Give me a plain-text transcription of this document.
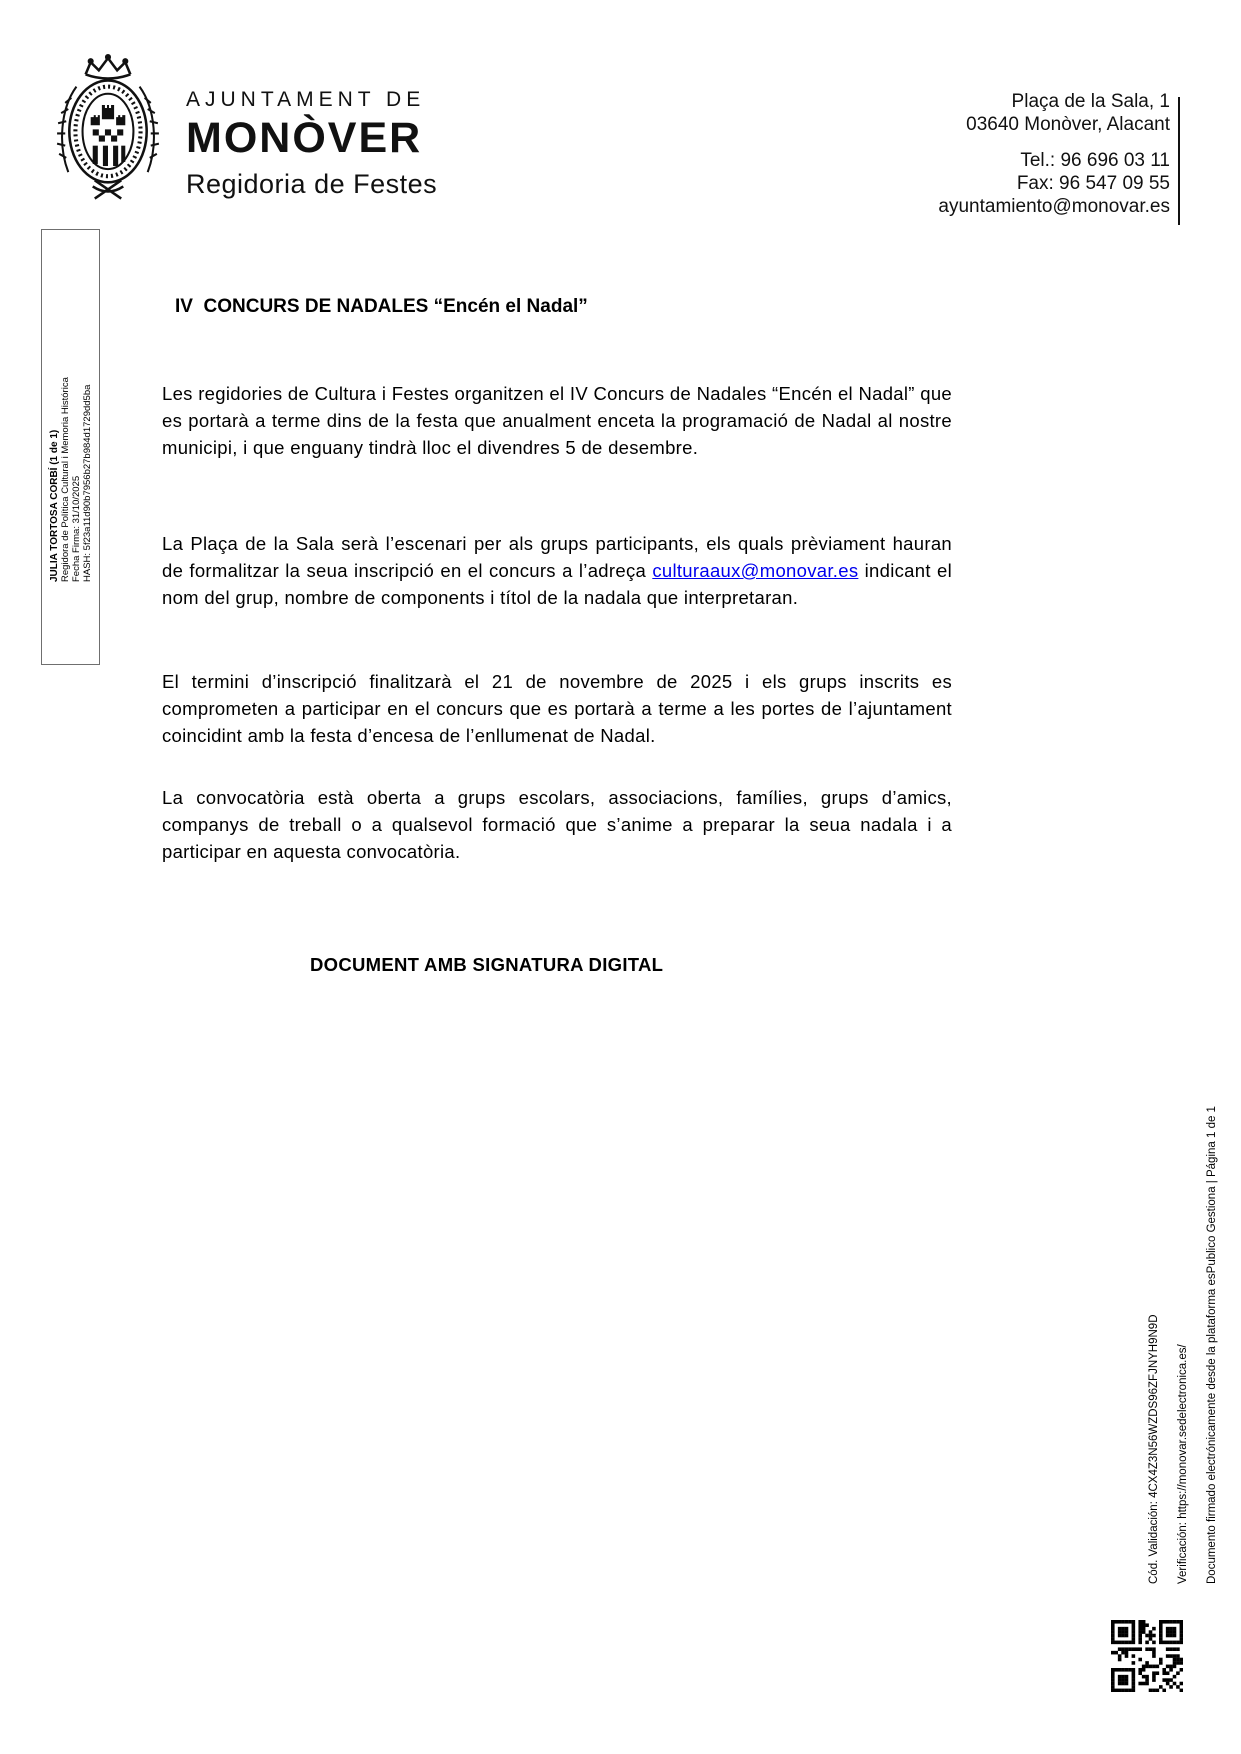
AJUNTAMENT DE
MONÒVER
Regidoria de Festes
Plaça de la Sala, 1
03640 Monòver, Alacant
Tel.: 96 696 03 11
Fax: 96 547 09 55
ayuntamiento@monovar.es
JULIA TORTOSA CORBÍ (1 de 1) Regidora de Política Cultural i Memoria Histórica Fecha Firma: 31/10/2025 HASH: 5f23a11d90b7956b27b984d1729dd5ba
IV  CONCURS DE NADALES “Encén el Nadal”

Les regidories de Cultura i Festes organitzen el IV Concurs de Nadales “Encén el Nadal” que es portarà a terme dins de la festa que anualment enceta la programació de Nadal al nostre municipi, i que enguany tindrà lloc el divendres 5 de desembre.

La Plaça de la Sala serà l’escenari per als grups participants, els quals prèviament hauran de formalitzar la seua inscripció en el concurs a l’adreça culturaaux@monovar.es indicant el nom del grup, nombre de components i títol de la nadala que interpretaran.

El termini d’inscripció finalitzarà el 21 de novembre de 2025 i els grups inscrits es comprometen a participar en el concurs que es portarà a terme a les portes de l’ajuntament coincidint amb la festa d’encesa de l’enllumenat de Nadal.

La convocatòria està oberta a grups escolars, associacions, famílies, grups d’amics, companys de treball o a qualsevol formació que s’anime a preparar la seua nadala i a participar en aquesta convocatòria.

DOCUMENT AMB SIGNATURA DIGITAL
Cód. Validación: 4CX4Z3N56WZDS96ZFJNYH9N9D	Verificación: https://monovar.sedelectronica.es/	Documento firmado electrónicamente desde la plataforma esPublico Gestiona | Página 1 de 1
